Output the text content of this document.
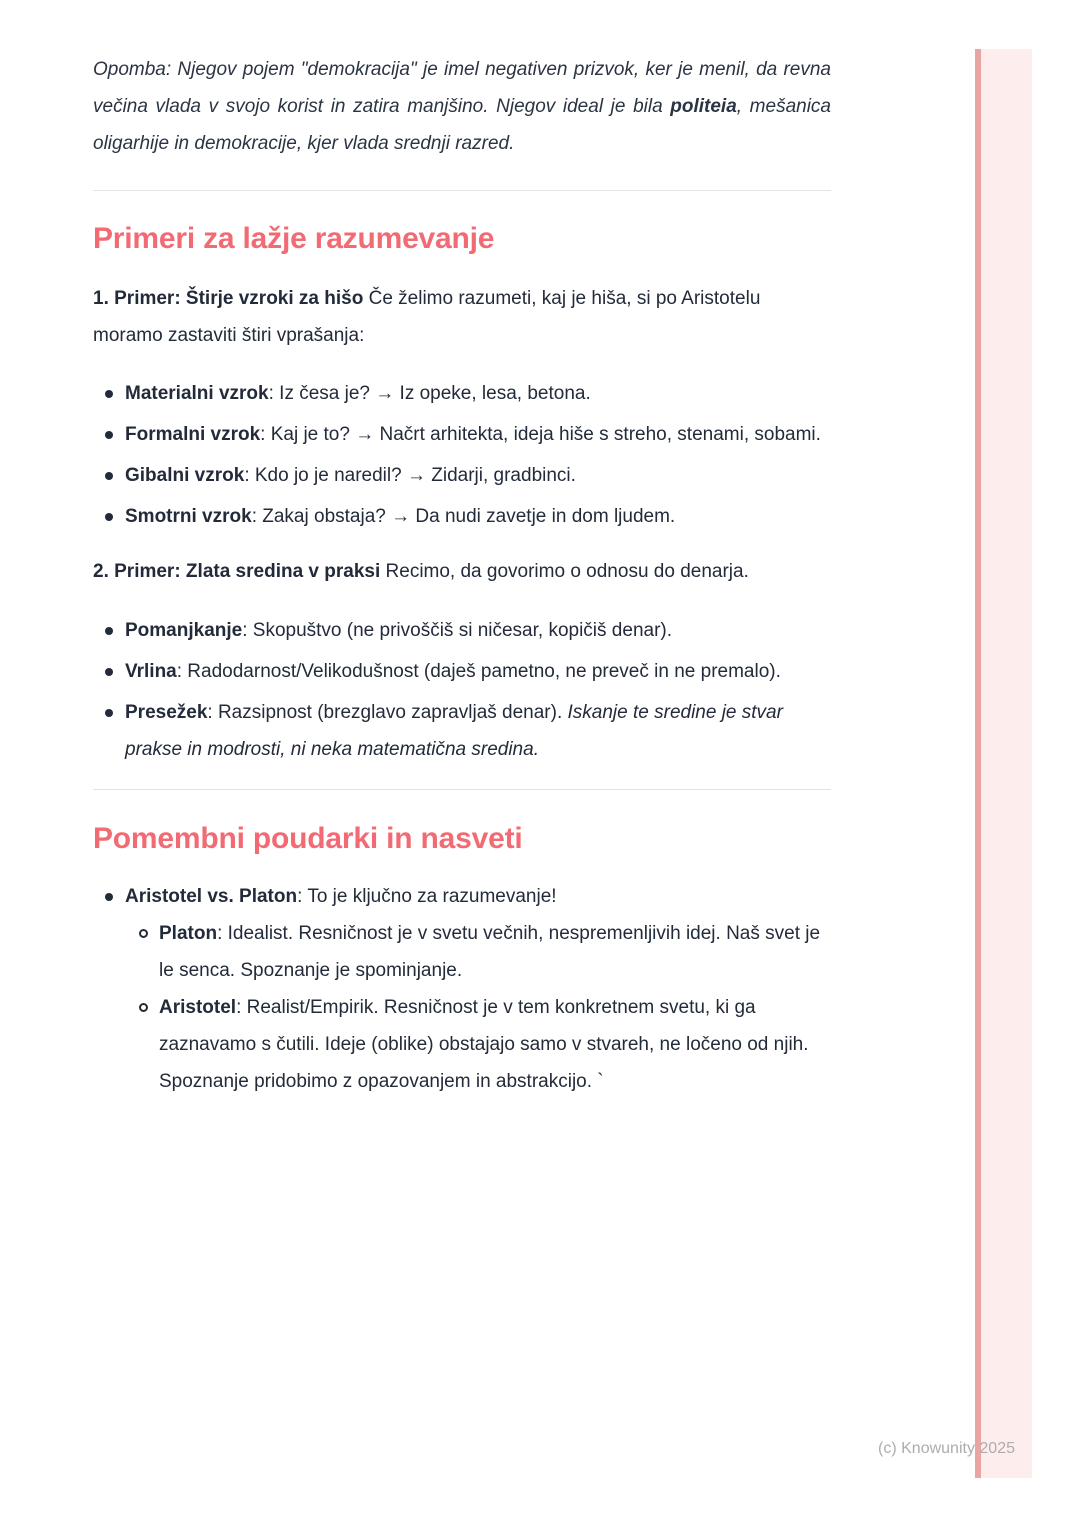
Opomba: Njegov pojem "demokracija" je imel negativen prizvok, ker je menil, da revna večina vlada v svojo korist in zatira manjšino. Njegov ideal je bila politeia, mešanica oligarhije in demokracije, kjer vlada srednji razred.

Primeri za lažje razumevanje

1. Primer: Štirje vzroki za hišo Če želimo razumeti, kaj je hiša, si po Aristotelu moramo zastaviti štiri vprašanja:

Materialni vzrok: Iz česa je? → Iz opeke, lesa, betona.
Formalni vzrok: Kaj je to? → Načrt arhitekta, ideja hiše s streho, stenami, sobami.
Gibalni vzrok: Kdo jo je naredil? → Zidarji, gradbinci.
Smotrni vzrok: Zakaj obstaja? → Da nudi zavetje in dom ljudem.

2. Primer: Zlata sredina v praksi Recimo, da govorimo o odnosu do denarja.

Pomanjkanje: Skopuštvo (ne privoščiš si ničesar, kopičiš denar).
Vrlina: Radodarnost/Velikodušnost (daješ pametno, ne preveč in ne premalo).
Presežek: Razsipnost (brezglavo zapravljaš denar). Iskanje te sredine je stvar prakse in modrosti, ni neka matematična sredina.
Pomembni poudarki in nasveti

Aristotel vs. Platon: To je ključno za razumevanje!

Platon: Idealist. Resničnost je v svetu večnih, nespremenljivih idej. Naš svet je le senca. Spoznanje je spominjanje.
Aristotel: Realist/Empirik. Resničnost je v tem konkretnem svetu, ki ga zaznavamo s čutili. Ideje (oblike) obstajajo samo v stvareh, ne ločeno od njih. Spoznanje pridobimo z opazovanjem in abstrakcijo. `
(c) Knowunity 2025
